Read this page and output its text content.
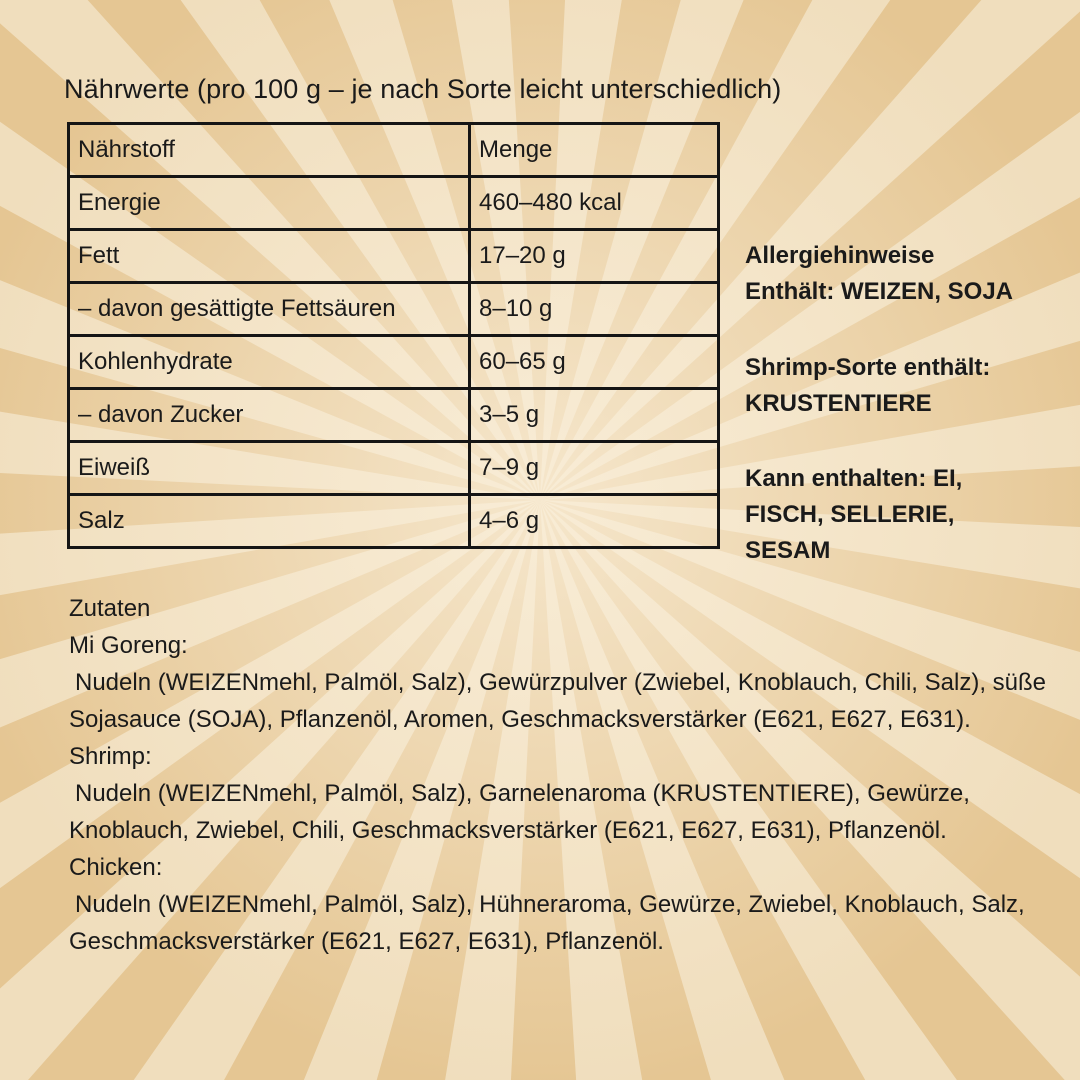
Nährwerte (pro 100 g – je nach Sorte leicht unterschiedlich)
Nährstoff	Menge
Energie	460–480 kcal
Fett	17–20 g
– davon gesättigte Fettsäuren	8–10 g
Kohlenhydrate	60–65 g
– davon Zucker	3–5 g
Eiweiß	7–9 g
Salz	4–6 g
Allergiehinweise
Enthält: WEIZEN, SOJA
Shrimp-Sorte enthält:
KRUSTENTIERE
Kann enthalten: EI,
FISCH, SELLERIE,
SESAM
Zutaten
Mi Goreng:
Nudeln (WEIZENmehl, Palmöl, Salz), Gewürzpulver (Zwiebel, Knoblauch, Chili, Salz), süße Sojasauce (SOJA), Pflanzenöl, Aromen, Geschmacksverstärker (E621, E627, E631).
Shrimp:
Nudeln (WEIZENmehl, Palmöl, Salz), Garnelenaroma (KRUSTENTIERE), Gewürze, Knoblauch, Zwiebel, Chili, Geschmacksverstärker (E621, E627, E631), Pflanzenöl.
Chicken:
Nudeln (WEIZENmehl, Palmöl, Salz), Hühneraroma, Gewürze, Zwiebel, Knoblauch, Salz, Geschmacksverstärker (E621, E627, E631), Pflanzenöl.
